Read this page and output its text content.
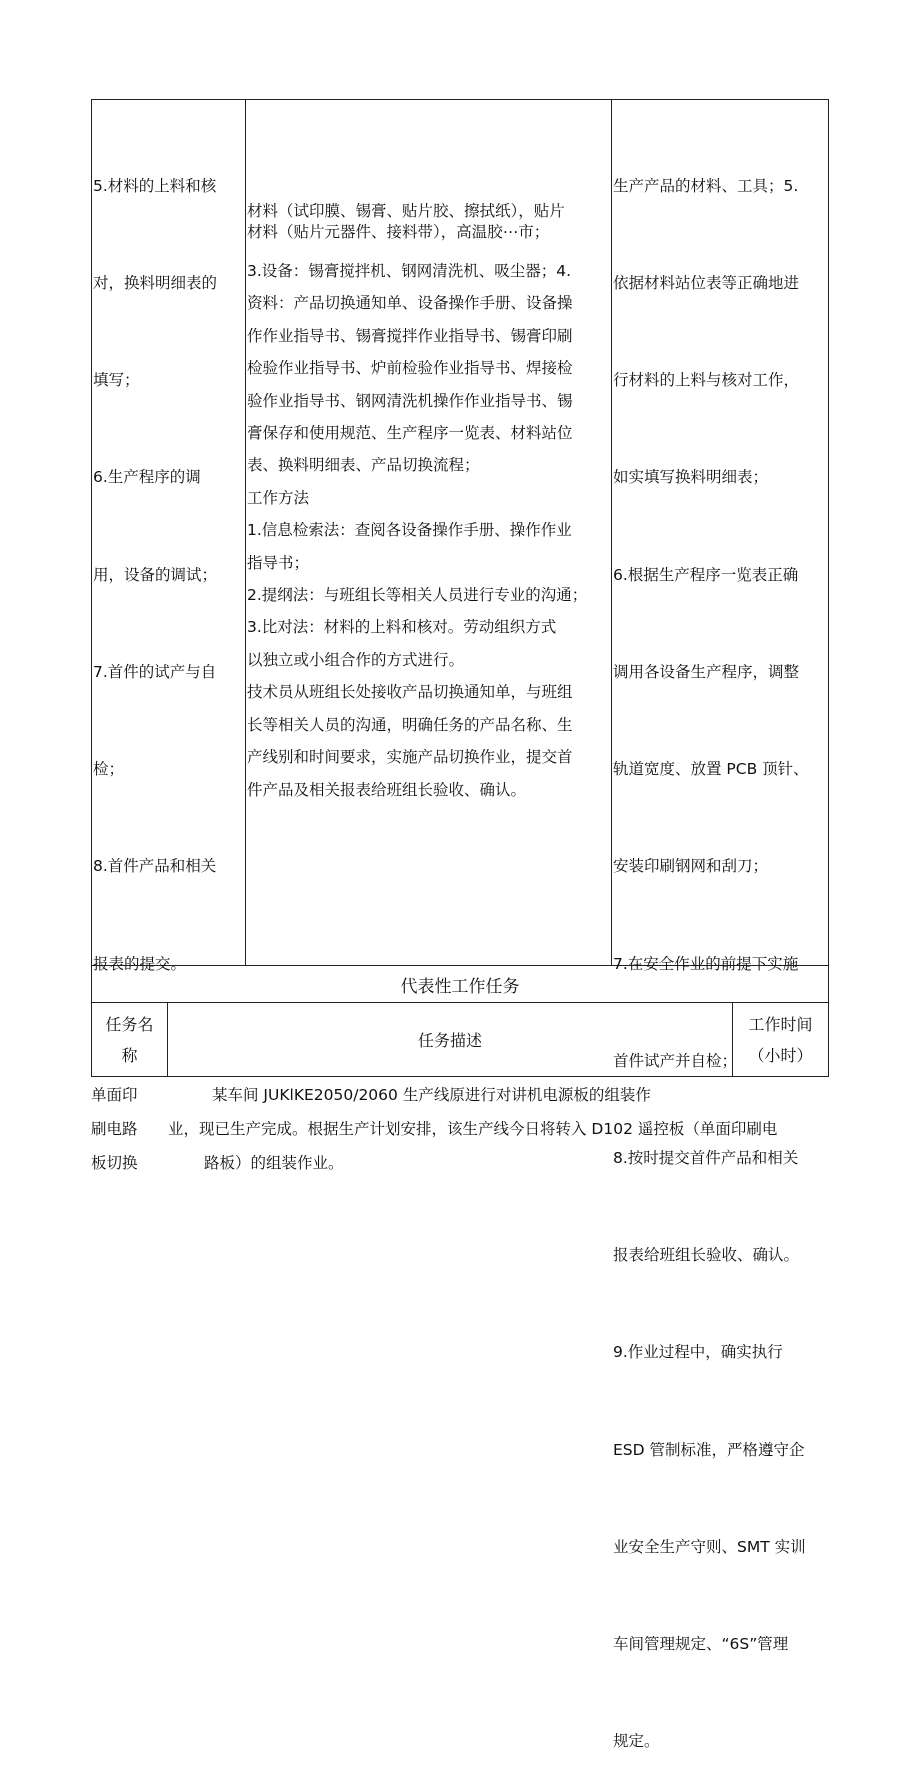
5.材料的上料和核

对，换料明细表的

填写；

6.生产程序的调

用，设备的调试；

7.首件的试产与自

检；

8.首件产品和相关

报表的提交。

材料（试印膜、锡膏、贴片胶、擦拭纸），贴片
材料（贴片元器件、接料带），高温胶⋯市；
3.设备：锡膏搅拌机、钢网清洗机、吸尘器；4.
资料：产品切换通知单、设备操作手册、设备操
作作业指导书、锡膏搅拌作业指导书、锡膏印刷
检验作业指导书、炉前检验作业指导书、焊接检
验作业指导书、钢网清洗机操作作业指导书、锡
膏保存和使用规范、生产程序一览表、材料站位
表、换料明细表、产品切换流程；
工作方法
1.信息检索法：查阅各设备操作手册、操作作业
指导书；
2.提纲法：与班组长等相关人员进行专业的沟通；
3.比对法：材料的上料和核对。劳动组织方式
以独立或小组合作的方式进行。
技术员从班组长处接收产品切换通知单，与班组
长等相关人员的沟通，明确任务的产品名称、生
产线别和时间要求，实施产品切换作业，提交首
件产品及相关报表给班组长验收、确认。

生产产品的材料、工具；5.

依据材料站位表等正确地进

行材料的上料与核对工作，

如实填写换料明细表；

6.根据生产程序一览表正确

调用各设备生产程序，调整

轨道宽度、放置 PCB 顶针、

安装印刷钢网和刮刀；

7.在安全作业的前提下实施

首件试产并自检；

8.按时提交首件产品和相关

报表给班组长验收、确认。

9.作业过程中，确实执行

ESD 管制标准，严格遵守企

业安全生产守则、SMT 实训

车间管理规定、“6S”管理

规定。

代表性工作任务
任务名
称
任务描述
工作时间
（小时）
单面印
刷电路
板切换
某车间 JUKlKE2050/2060 生产线原进行对讲机电源板的组装作
业，现已生产完成。根据生产计划安排，该生产线今日将转入 D102 遥控板（单面印刷电
路板）的组装作业。
